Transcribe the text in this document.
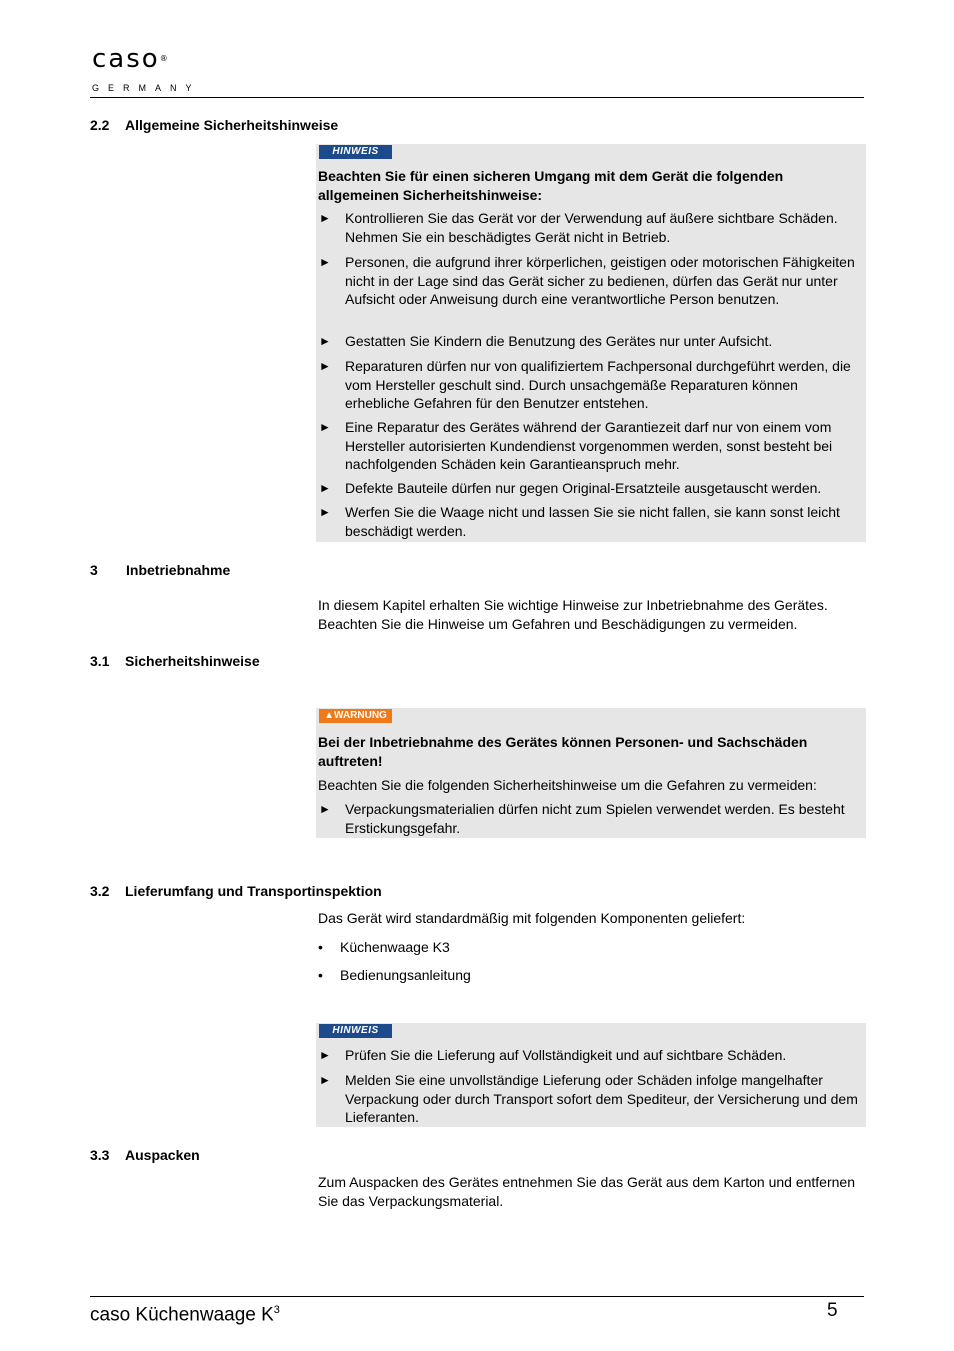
caso®
GERMANY
2.2 Allgemeine Sicherheitshinweise
HINWEIS
Beachten Sie für einen sicheren Umgang mit dem Gerät die folgenden allgemeinen Sicherheitshinweise:
► Kontrollieren Sie das Gerät vor der Verwendung auf äußere sichtbare Schäden. Nehmen Sie ein beschädigtes Gerät nicht in Betrieb.
► Personen, die aufgrund ihrer körperlichen, geistigen oder motorischen Fähigkeiten nicht in der Lage sind das Gerät sicher zu bedienen, dürfen das Gerät nur unter Aufsicht oder Anweisung durch eine verantwortliche Person benutzen.
► Gestatten Sie Kindern die Benutzung des Gerätes nur unter Aufsicht.
► Reparaturen dürfen nur von qualifiziertem Fachpersonal durchgeführt werden, die vom Hersteller geschult sind. Durch unsachgemäße Reparaturen können erhebliche Gefahren für den Benutzer entstehen.
► Eine Reparatur des Gerätes während der Garantiezeit darf nur von einem vom Hersteller autorisierten Kundendienst vorgenommen werden, sonst besteht bei nachfolgenden Schäden kein Garantieanspruch mehr.
► Defekte Bauteile dürfen nur gegen Original-Ersatzteile ausgetauscht werden.
► Werfen Sie die Waage nicht und lassen Sie sie nicht fallen, sie kann sonst leicht beschädigt werden.
3 Inbetriebnahme
In diesem Kapitel erhalten Sie wichtige Hinweise zur Inbetriebnahme des Gerätes. Beachten Sie die Hinweise um Gefahren und Beschädigungen zu vermeiden.
3.1 Sicherheitshinweise
▲WARNUNG
Bei der Inbetriebnahme des Gerätes können Personen- und Sachschäden auftreten!
Beachten Sie die folgenden Sicherheitshinweise um die Gefahren zu vermeiden:
► Verpackungsmaterialien dürfen nicht zum Spielen verwendet werden. Es besteht Erstickungsgefahr.
3.2 Lieferumfang und Transportinspektion
Das Gerät wird standardmäßig mit folgenden Komponenten geliefert:
• Küchenwaage K3
• Bedienungsanleitung
HINWEIS
► Prüfen Sie die Lieferung auf Vollständigkeit und auf sichtbare Schäden.
► Melden Sie eine unvollständige Lieferung oder Schäden infolge mangelhafter Verpackung oder durch Transport sofort dem Spediteur, der Versicherung und dem Lieferanten.
3.3 Auspacken
Zum Auspacken des Gerätes entnehmen Sie das Gerät aus dem Karton und entfernen Sie das Verpackungsmaterial.
caso Küchenwaage $K^3$	5
